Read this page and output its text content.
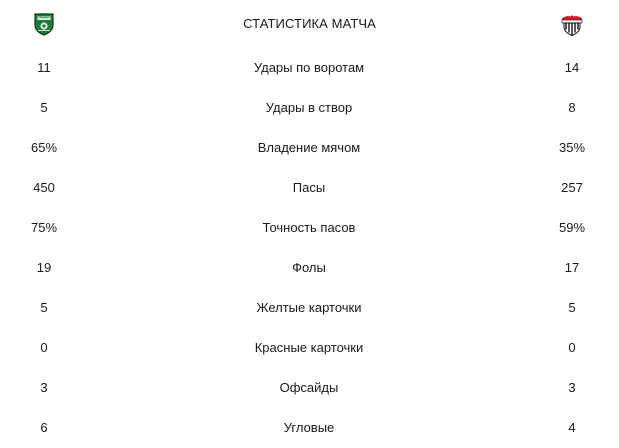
СТАТИСТИКА МАТЧА
11	Удары по воротам	14
5	Удары в створ	8
65%	Владение мячом	35%
450	Пасы	257
75%	Точность пасов	59%
19	Фолы	17
5	Желтые карточки	5
0	Красные карточки	0
3	Офсайды	3
6	Угловые	4
